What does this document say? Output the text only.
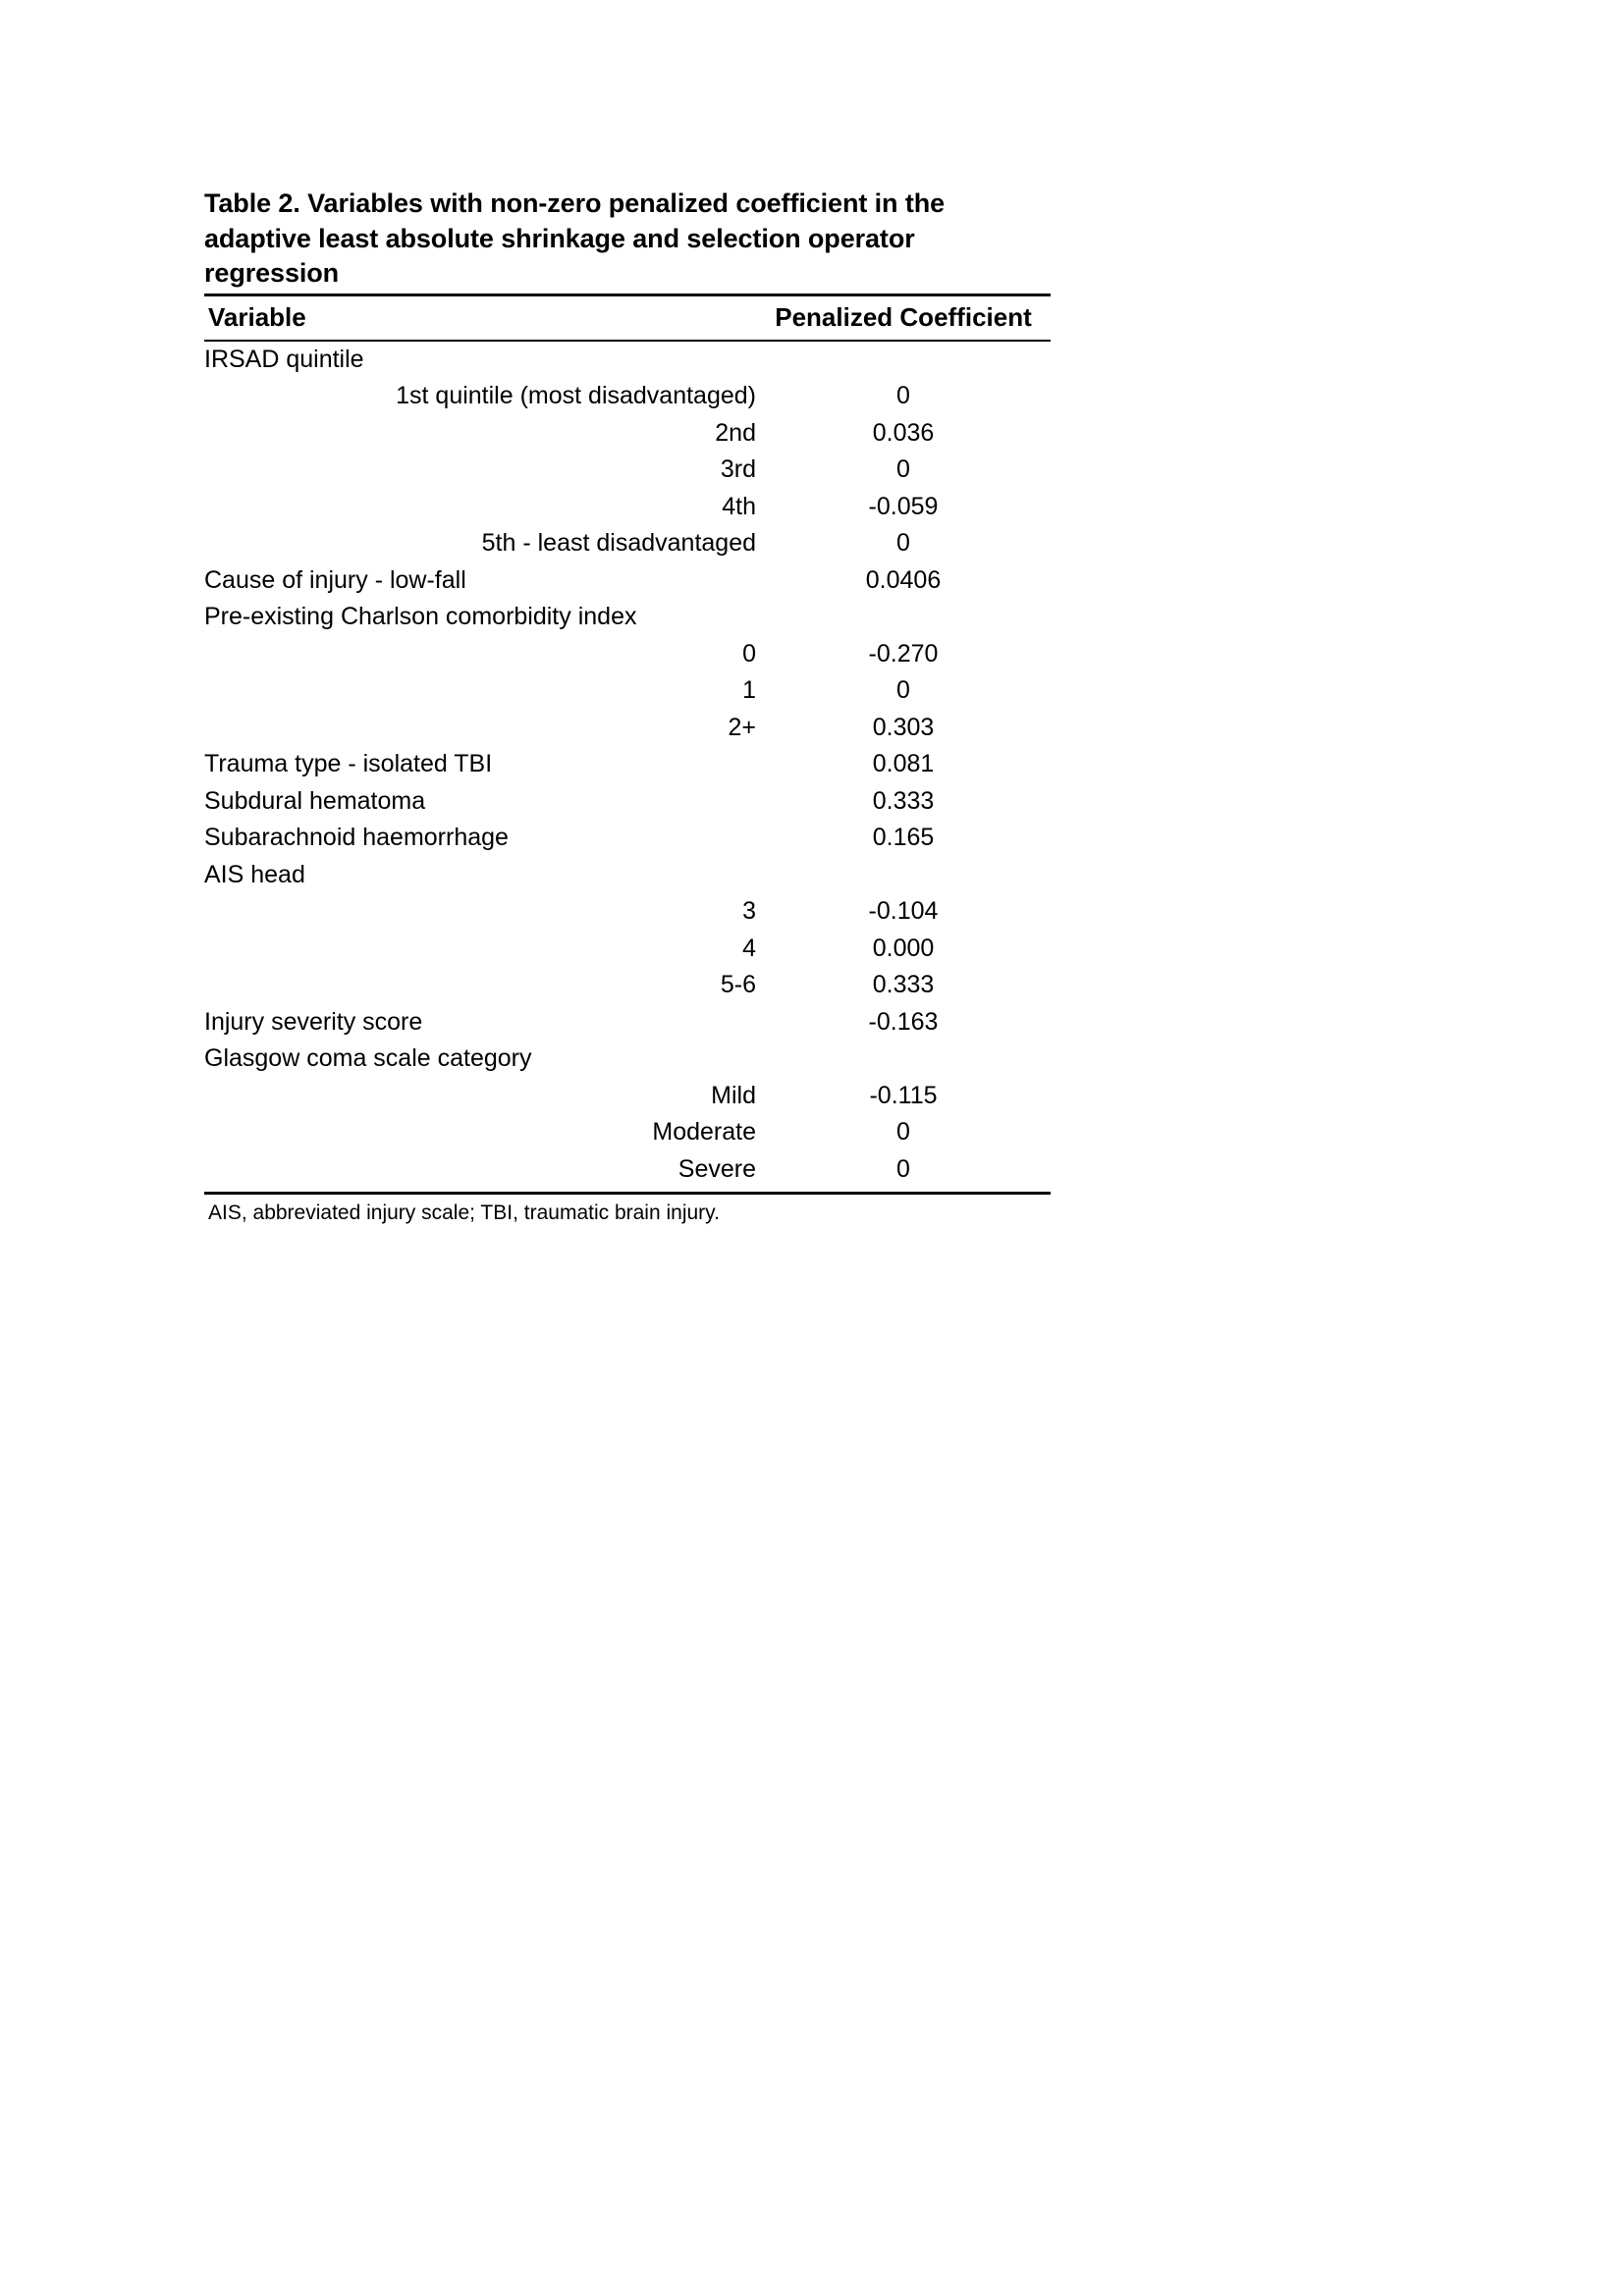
Table 2. Variables with non-zero penalized coefficient in the adaptive least absolute shrinkage and selection operator regression
Variable	Penalized Coefficient
IRSAD quintile	
1st quintile (most disadvantaged)	0
2nd	0.036
3rd	0
4th	-0.059
5th - least disadvantaged	0
Cause of injury - low-fall	0.0406
Pre-existing Charlson comorbidity index	
0	-0.270
1	0
2+	0.303
Trauma type - isolated TBI	0.081
Subdural hematoma	0.333
Subarachnoid haemorrhage	0.165
AIS head	
3	-0.104
4	0.000
5-6	0.333
Injury severity score	-0.163
Glasgow coma scale category	
Mild	-0.115
Moderate	0
Severe	0
AIS, abbreviated injury scale; TBI, traumatic brain injury.
